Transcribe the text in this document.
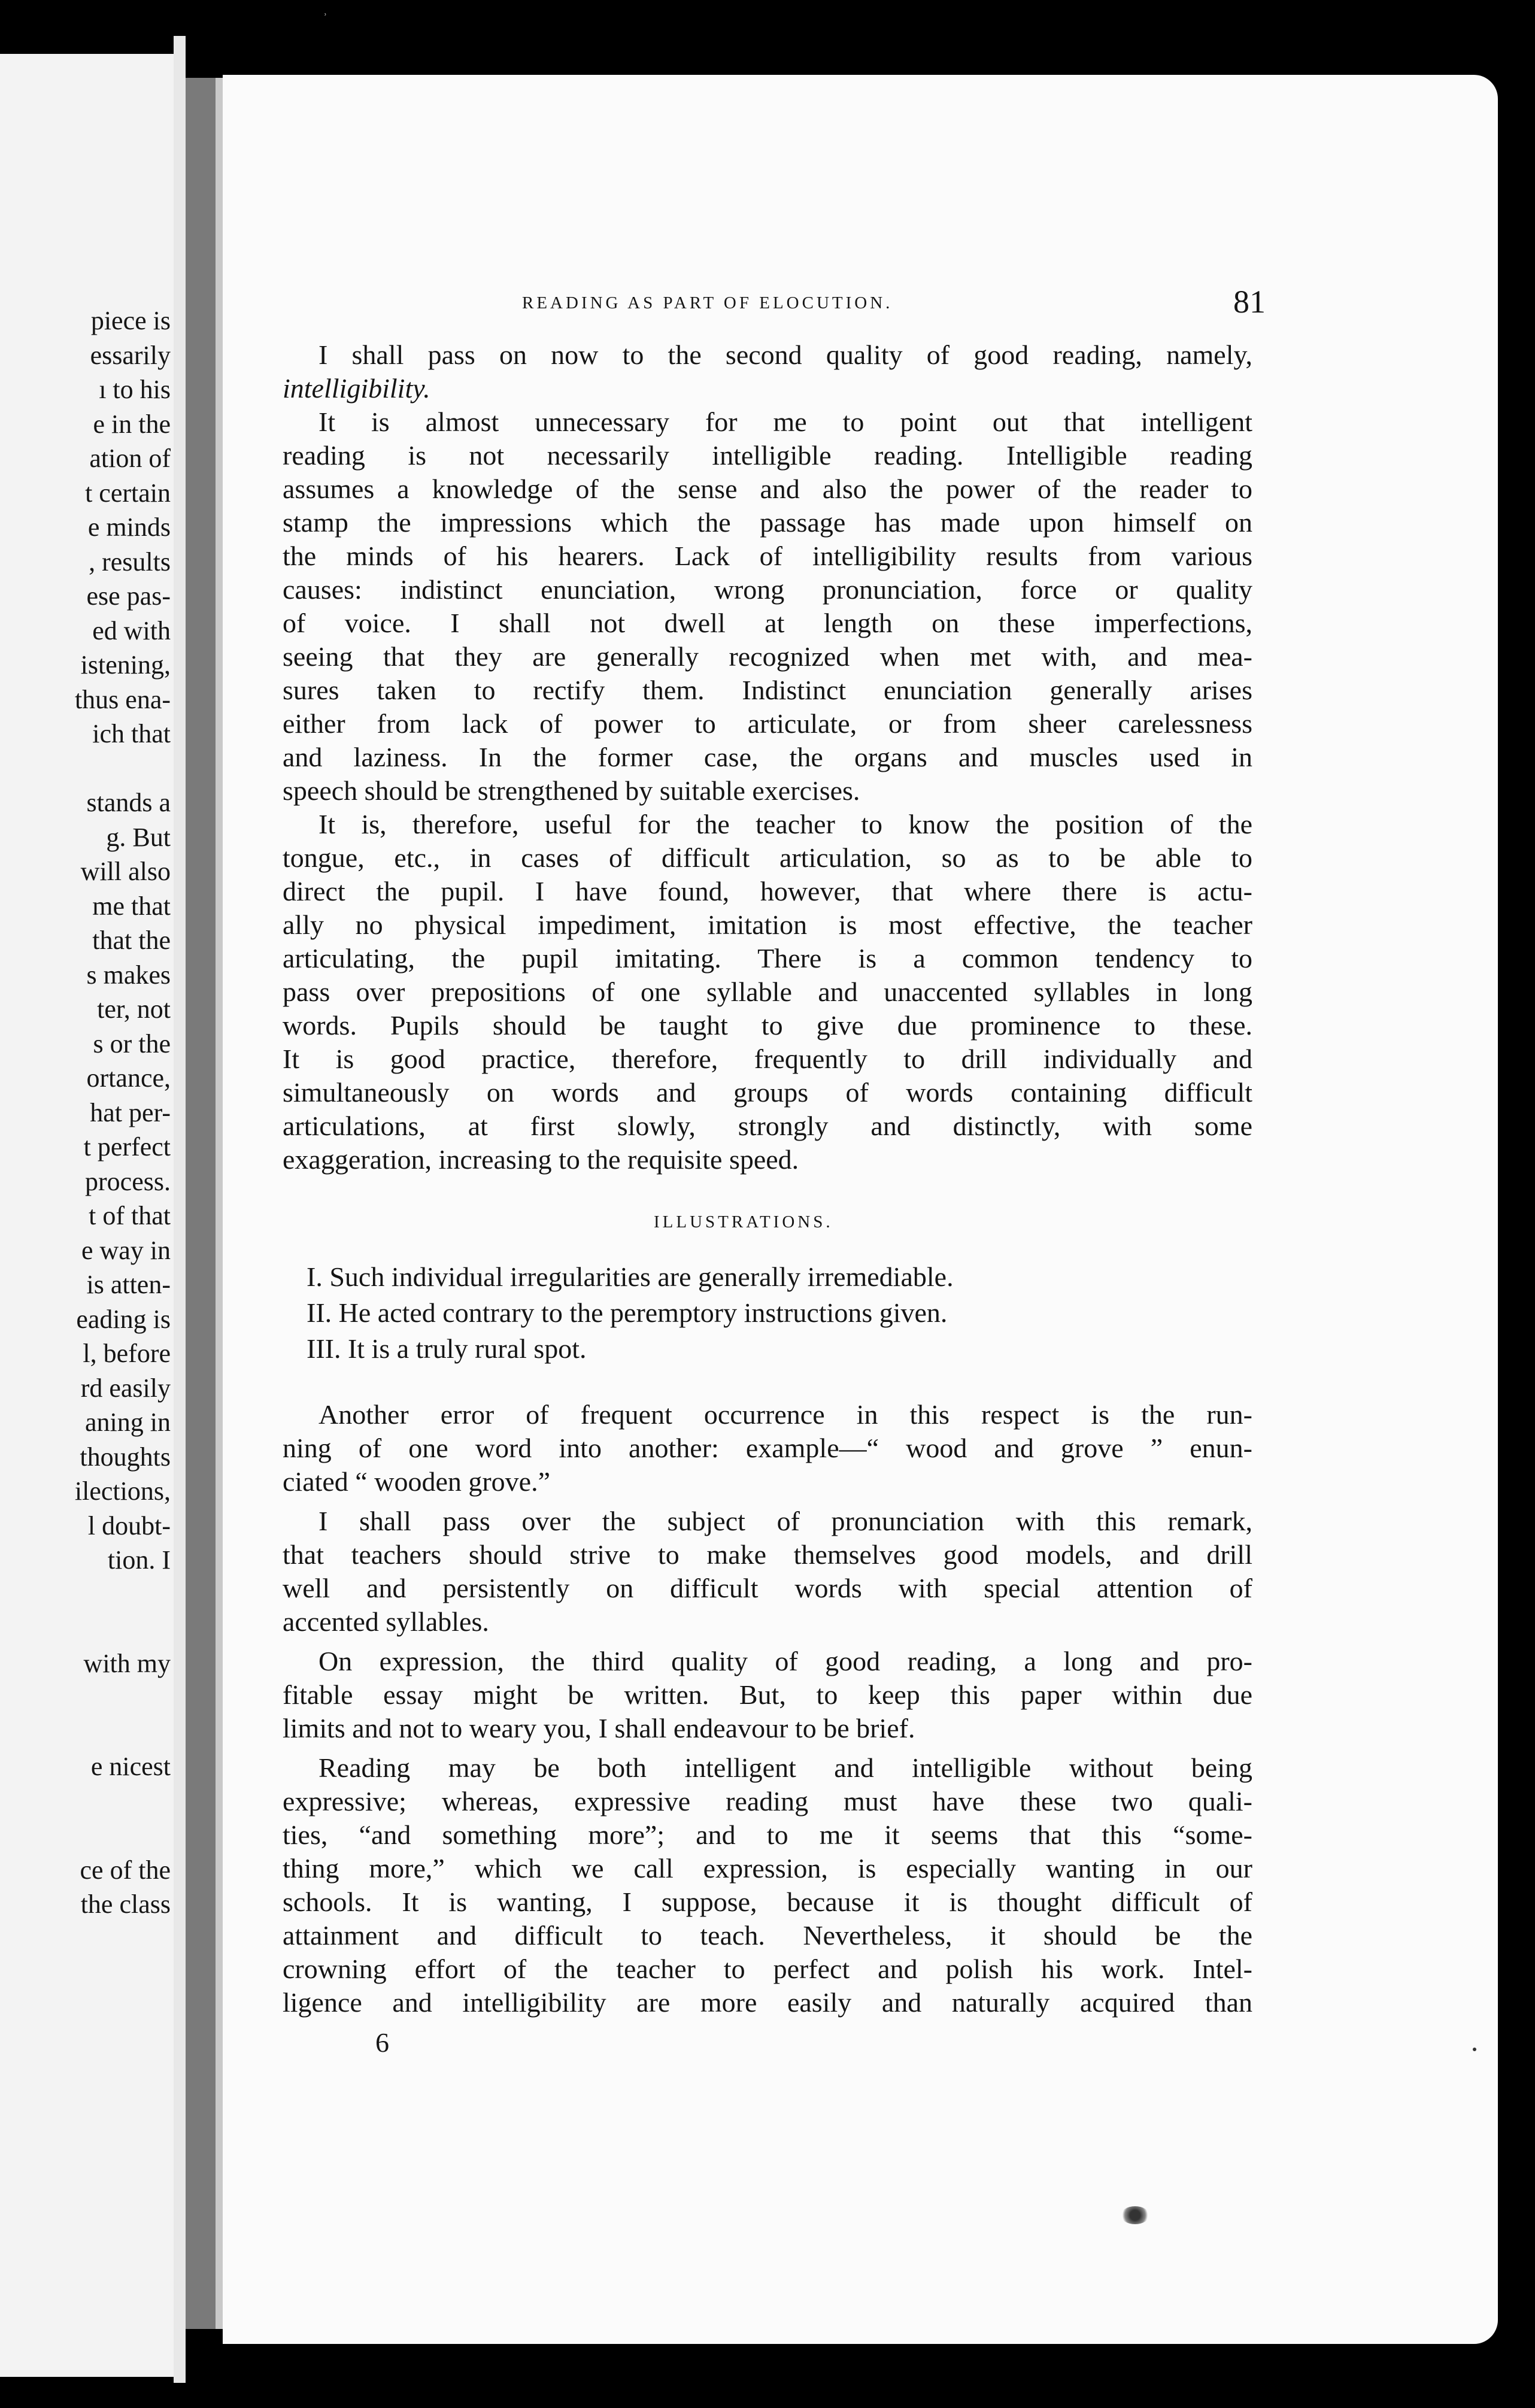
˒
piece is
essarily
ı to his
e in the
ation of
t certain
e minds
, results
ese pas-
ed with
istening,
thus ena-
ich that
stands a
g. But
will also
me that
that the
s makes
ter, not
s or the
ortance,
hat per-
t perfect
process.
t of that
e way in
is atten-
eading is
l, before
rd easily
aning in
thoughts
ilections,
l doubt-
tion. I
with my
e nicest
ce of the
the class
READING AS PART OF ELOCUTION.	81
I shall pass on now to the second quality of good reading, namely,
intelligibility.
It is almost unnecessary for me to point out that intelligent
reading is not necessarily intelligible reading. Intelligible reading
assumes a knowledge of the sense and also the power of the reader to
stamp the impressions which the passage has made upon himself on
the minds of his hearers. Lack of intelligibility results from various
causes: indistinct enunciation, wrong pronunciation, force or quality
of voice. I shall not dwell at length on these imperfections,
seeing that they are generally recognized when met with, and mea-
sures taken to rectify them. Indistinct enunciation generally arises
either from lack of power to articulate, or from sheer carelessness
and laziness. In the former case, the organs and muscles used in
speech should be strengthened by suitable exercises.
It is, therefore, useful for the teacher to know the position of the
tongue, etc., in cases of difficult articulation, so as to be able to
direct the pupil. I have found, however, that where there is actu-
ally no physical impediment, imitation is most effective, the teacher
articulating, the pupil imitating. There is a common tendency to
pass over prepositions of one syllable and unaccented syllables in long
words. Pupils should be taught to give due prominence to these.
It is good practice, therefore, frequently to drill individually and
simultaneously on words and groups of words containing difficult
articulations, at first slowly, strongly and distinctly, with some
exaggeration, increasing to the requisite speed.
ILLUSTRATIONS.
I. Such individual irregularities are generally irremediable.
II. He acted contrary to the peremptory instructions given.
III. It is a truly rural spot.
Another error of frequent occurrence in this respect is the run-
ning of one word into another: example—“ wood and grove ” enun-
ciated “ wooden grove.”
I shall pass over the subject of pronunciation with this remark,
that teachers should strive to make themselves good models, and drill
well and persistently on difficult words with special attention of
accented syllables.
On expression, the third quality of good reading, a long and pro-
fitable essay might be written. But, to keep this paper within due
limits and not to weary you, I shall endeavour to be brief.
Reading may be both intelligent and intelligible without being
expressive; whereas, expressive reading must have these two quali-
ties, “and something more”; and to me it seems that this “some-
thing more,” which we call expression, is especially wanting in our
schools. It is wanting, I suppose, because it is thought difficult of
attainment and difficult to teach. Nevertheless, it should be the
crowning effort of the teacher to perfect and polish his work. Intel-
ligence and intelligibility are more easily and naturally acquired than
6
